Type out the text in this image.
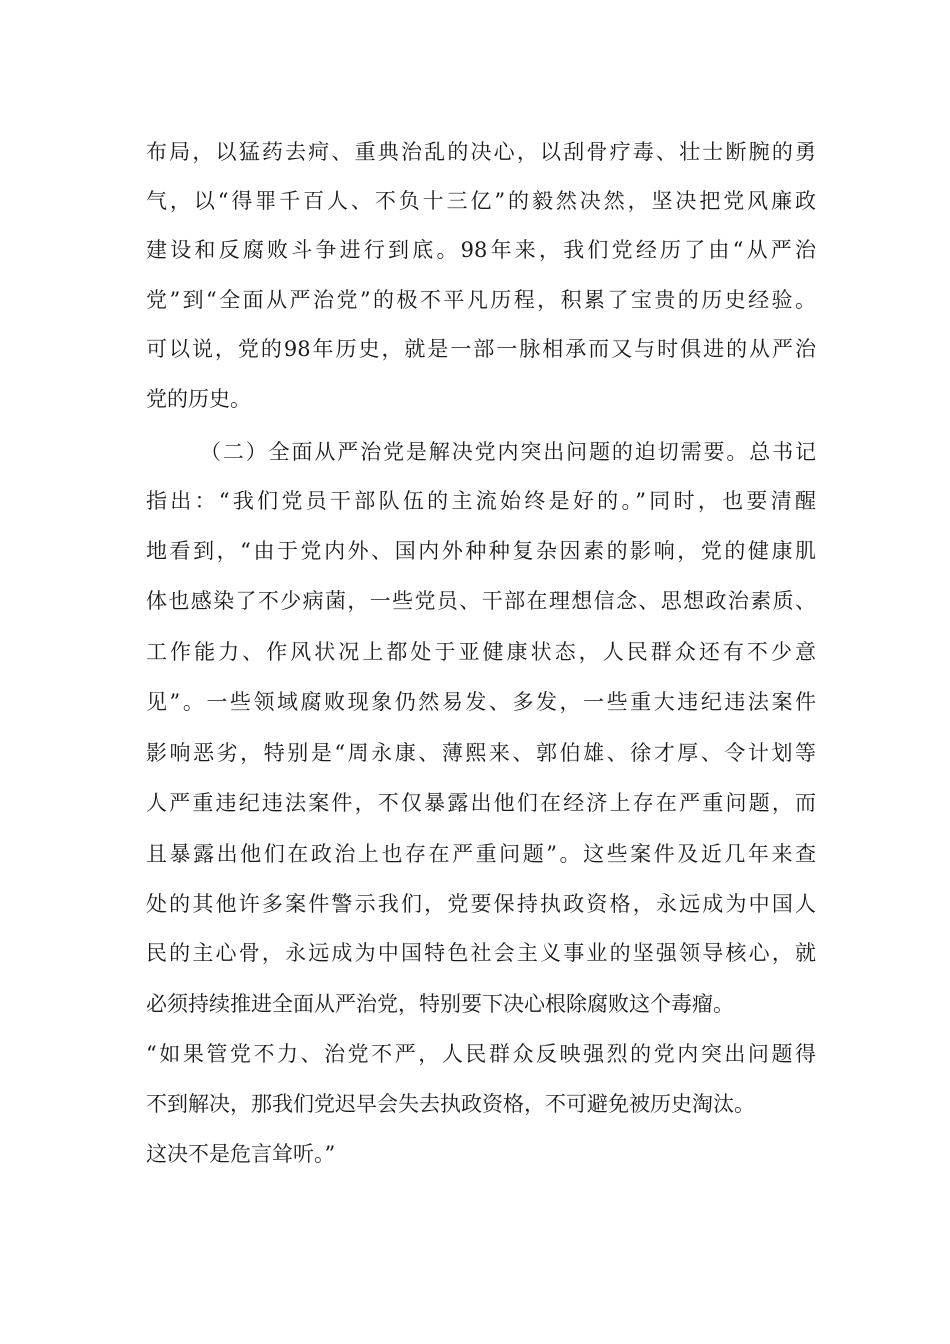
布局，以猛药去疴、重典治乱的决心，以刮骨疗毒、壮士断腕的勇
气，以“得罪千百人、不负十三亿”的毅然决然，坚决把党风廉政
建设和反腐败斗争进行到底。98年来，我们党经历了由“从严治
党”到“全面从严治党”的极不平凡历程，积累了宝贵的历史经验。
可以说，党的98年历史，就是一部一脉相承而又与时俱进的从严治
党的历史。
（二）全面从严治党是解决党内突出问题的迫切需要。总书记
指出：“我们党员干部队伍的主流始终是好的。”同时，也要清醒
地看到，“由于党内外、国内外种种复杂因素的影响，党的健康肌
体也感染了不少病菌，一些党员、干部在理想信念、思想政治素质、
工作能力、作风状况上都处于亚健康状态，人民群众还有不少意
见”。一些领域腐败现象仍然易发、多发，一些重大违纪违法案件
影响恶劣，特别是“周永康、薄熙来、郭伯雄、徐才厚、令计划等
人严重违纪违法案件，不仅暴露出他们在经济上存在严重问题，而
且暴露出他们在政治上也存在严重问题”。这些案件及近几年来查
处的其他许多案件警示我们，党要保持执政资格，永远成为中国人
民的主心骨，永远成为中国特色社会主义事业的坚强领导核心，就
必须持续推进全面从严治党，特别要下决心根除腐败这个毒瘤。
“如果管党不力、治党不严，人民群众反映强烈的党内突出问题得
不到解决，那我们党迟早会失去执政资格，不可避免被历史淘汰。
这决不是危言耸听。”
